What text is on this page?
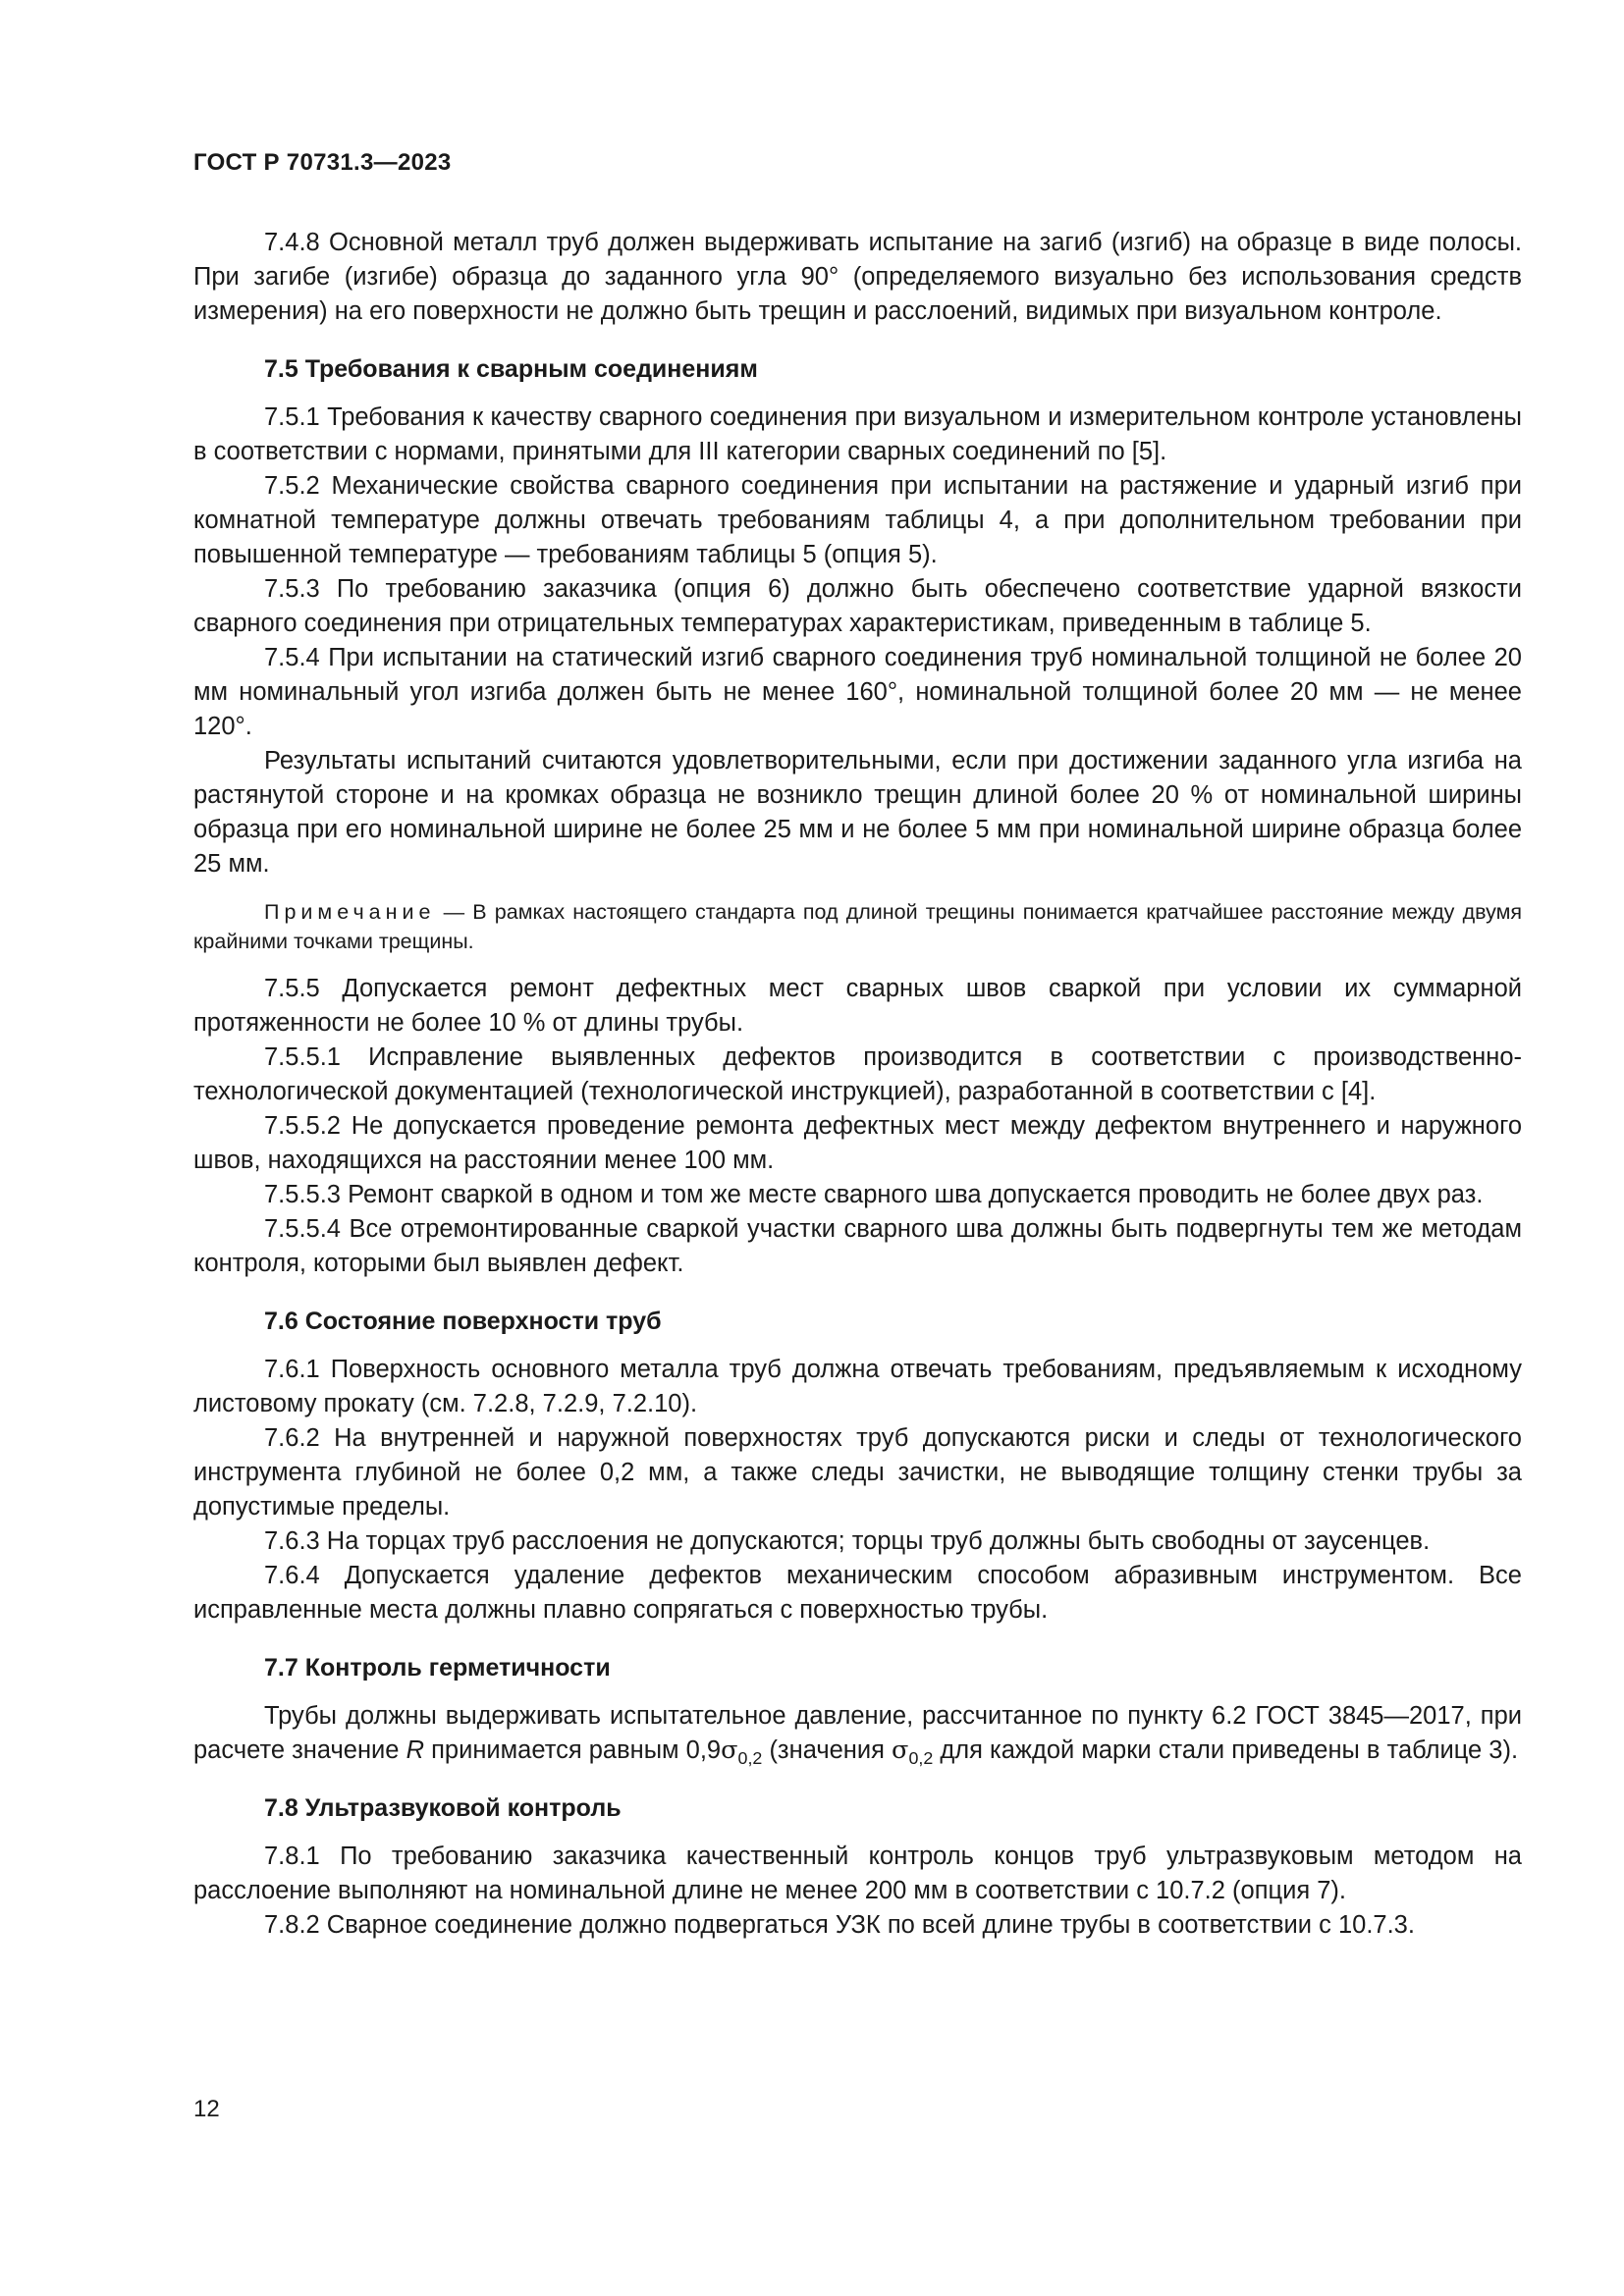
ГОСТ Р 70731.3—2023

7.4.8 Основной металл труб должен выдерживать испытание на загиб (изгиб) на образце в виде полосы. При загибе (изгибе) образца до заданного угла 90° (определяемого визуально без использования средств измерения) на его поверхности не должно быть трещин и расслоений, видимых при визуальном контроле.

7.5 Требования к сварным соединениям

7.5.1 Требования к качеству сварного соединения при визуальном и измерительном контроле установлены в соответствии с нормами, принятыми для III категории сварных соединений по [5].

7.5.2 Механические свойства сварного соединения при испытании на растяжение и ударный изгиб при комнатной температуре должны отвечать требованиям таблицы 4, а при дополнительном требовании при повышенной температуре — требованиям таблицы 5 (опция 5).

7.5.3 По требованию заказчика (опция 6) должно быть обеспечено соответствие ударной вязкости сварного соединения при отрицательных температурах характеристикам, приведенным в таблице 5.

7.5.4 При испытании на статический изгиб сварного соединения труб номинальной толщиной не более 20 мм номинальный угол изгиба должен быть не менее 160°, номинальной толщиной более 20 мм — не менее 120°.

Результаты испытаний считаются удовлетворительными, если при достижении заданного угла изгиба на растянутой стороне и на кромках образца не возникло трещин длиной более 20 % от номинальной ширины образца при его номинальной ширине не более 25 мм и не более 5 мм при номинальной ширине образца более 25 мм.

Примечание — В рамках настоящего стандарта под длиной трещины понимается кратчайшее расстояние между двумя крайними точками трещины.

7.5.5 Допускается ремонт дефектных мест сварных швов сваркой при условии их суммарной протяженности не более 10 % от длины трубы.

7.5.5.1 Исправление выявленных дефектов производится в соответствии с производственно-технологической документацией (технологической инструкцией), разработанной в соответствии с [4].

7.5.5.2 Не допускается проведение ремонта дефектных мест между дефектом внутреннего и наружного швов, находящихся на расстоянии менее 100 мм.

7.5.5.3 Ремонт сваркой в одном и том же месте сварного шва допускается проводить не более двух раз.

7.5.5.4 Все отремонтированные сваркой участки сварного шва должны быть подвергнуты тем же методам контроля, которыми был выявлен дефект.

7.6 Состояние поверхности труб

7.6.1 Поверхность основного металла труб должна отвечать требованиям, предъявляемым к исходному листовому прокату (см. 7.2.8, 7.2.9, 7.2.10).

7.6.2 На внутренней и наружной поверхностях труб допускаются риски и следы от технологического инструмента глубиной не более 0,2 мм, а также следы зачистки, не выводящие толщину стенки трубы за допустимые пределы.

7.6.3 На торцах труб расслоения не допускаются; торцы труб должны быть свободны от заусенцев.

7.6.4 Допускается удаление дефектов механическим способом абразивным инструментом. Все исправленные места должны плавно сопрягаться с поверхностью трубы.

7.7 Контроль герметичности

Трубы должны выдерживать испытательное давление, рассчитанное по пункту 6.2 ГОСТ 3845—2017, при расчете значение R принимается равным $0,9\sigma_{0,2}$ (значения $\sigma_{0,2}$ для каждой марки стали приведены в таблице 3).

7.8 Ультразвуковой контроль

7.8.1 По требованию заказчика качественный контроль концов труб ультразвуковым методом на расслоение выполняют на номинальной длине не менее 200 мм в соответствии с 10.7.2 (опция 7).

7.8.2 Сварное соединение должно подвергаться УЗК по всей длине трубы в соответствии с 10.7.3.

12
